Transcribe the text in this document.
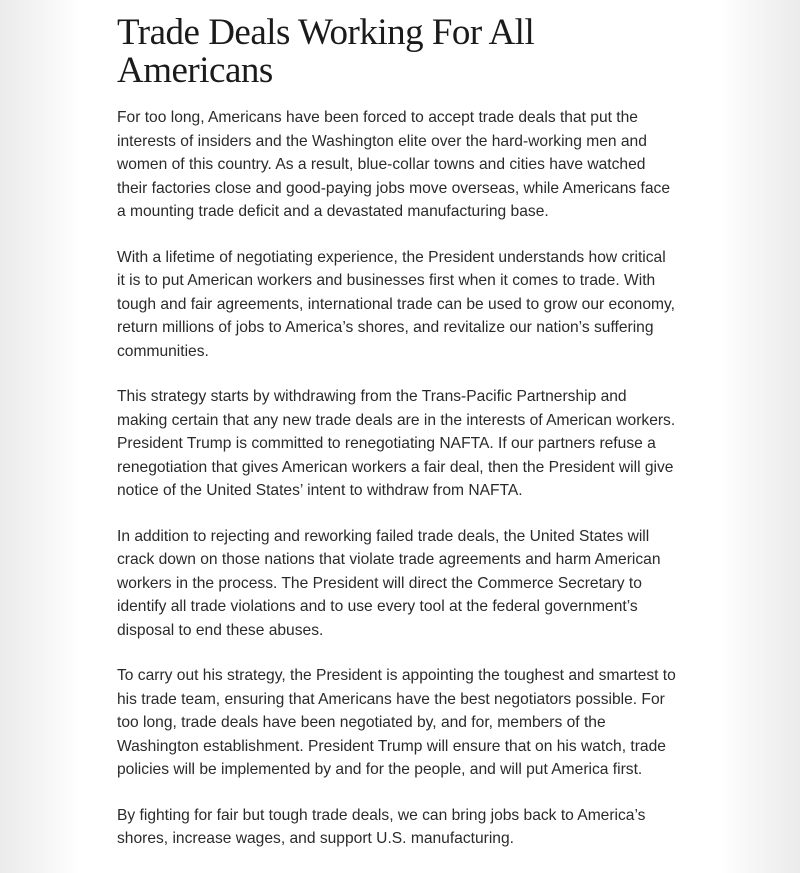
Trade Deals Working For All Americans

For too long, Americans have been forced to accept trade deals that put the interests of insiders and the Washington elite over the hard-working men and women of this country. As a result, blue-collar towns and cities have watched their factories close and good-paying jobs move overseas, while Americans face a mounting trade deficit and a devastated manufacturing base.

With a lifetime of negotiating experience, the President understands how critical it is to put American workers and businesses first when it comes to trade. With tough and fair agreements, international trade can be used to grow our economy, return millions of jobs to America’s shores, and revitalize our nation’s suffering communities.

This strategy starts by withdrawing from the Trans-Pacific Partnership and making certain that any new trade deals are in the interests of American workers. President Trump is committed to renegotiating NAFTA. If our partners refuse a renegotiation that gives American workers a fair deal, then the President will give notice of the United States’ intent to withdraw from NAFTA.

In addition to rejecting and reworking failed trade deals, the United States will crack down on those nations that violate trade agreements and harm American workers in the process. The President will direct the Commerce Secretary to identify all trade violations and to use every tool at the federal government’s disposal to end these abuses.

To carry out his strategy, the President is appointing the toughest and smartest to his trade team, ensuring that Americans have the best negotiators possible. For too long, trade deals have been negotiated by, and for, members of the Washington establishment. President Trump will ensure that on his watch, trade policies will be implemented by and for the people, and will put America first.

By fighting for fair but tough trade deals, we can bring jobs back to America’s shores, increase wages, and support U.S. manufacturing.
